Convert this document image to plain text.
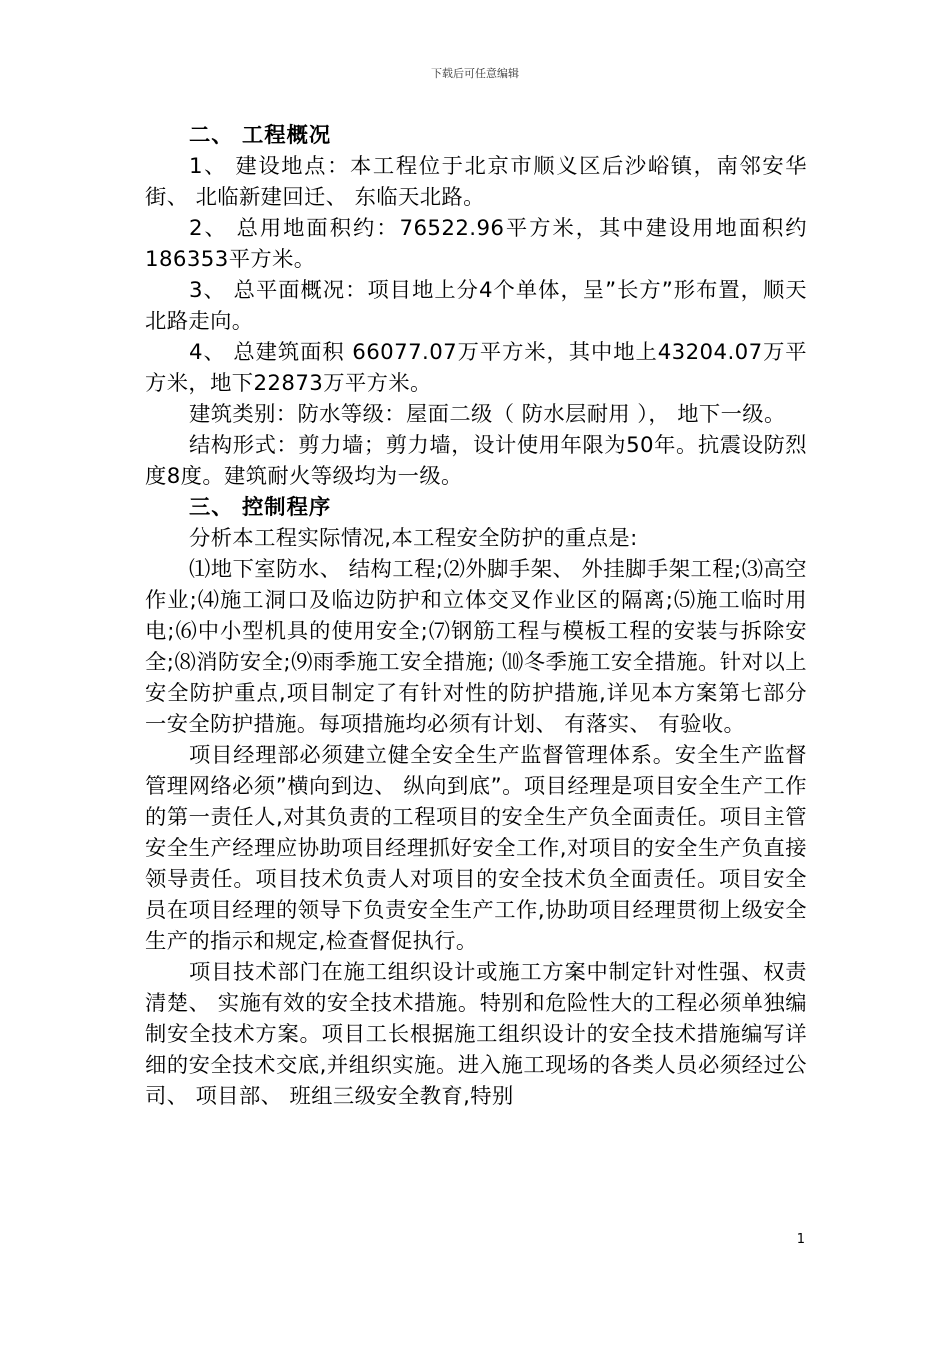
下载后可任意编辑

二、 工程概况

1、 建设地点：本工程位于北京市顺义区后沙峪镇，南邻安华街、 北临新建回迁、 东临天北路。

2、 总用地面积约：76522.96平方米，其中建设用地面积约186353平方米。

3、 总平面概况：项目地上分4个单体，呈”长方”形布置，顺天北路走向。

4、 总建筑面积 66077.07万平方米，其中地上43204.07万平方米，地下22873万平方米。

建筑类别：防水等级：屋面二级（ 防水层耐用 ）， 地下一级。

结构形式：剪力墙；剪力墙，设计使用年限为50年。抗震设防烈度8度。建筑耐火等级均为一级。

三、 控制程序

分析本工程实际情况,本工程安全防护的重点是:

⑴地下室防水、 结构工程;⑵外脚手架、 外挂脚手架工程;⑶高空作业;⑷施工洞口及临边防护和立体交叉作业区的隔离;⑸施工临时用电;⑹中小型机具的使用安全;⑺钢筋工程与模板工程的安装与拆除安全;⑻消防安全;⑼雨季施工安全措施; ⑽冬季施工安全措施。针对以上安全防护重点,项目制定了有针对性的防护措施,详见本方案第七部分一安全防护措施。每项措施均必须有计划、 有落实、 有验收。

项目经理部必须建立健全安全生产监督管理体系。安全生产监督管理网络必须”横向到边、 纵向到底”。项目经理是项目安全生产工作的第一责任人,对其负责的工程项目的安全生产负全面责任。项目主管安全生产经理应协助项目经理抓好安全工作,对项目的安全生产负直接领导责任。项目技术负责人对项目的安全技术负全面责任。项目安全员在项目经理的领导下负责安全生产工作,协助项目经理贯彻上级安全生产的指示和规定,检查督促执行。

项目技术部门在施工组织设计或施工方案中制定针对性强、权责清楚、 实施有效的安全技术措施。特别和危险性大的工程必须单独编制安全技术方案。项目工长根据施工组织设计的安全技术措施编写详细的安全技术交底,并组织实施。进入施工现场的各类人员必须经过公司、 项目部、 班组三级安全教育,特别

1
